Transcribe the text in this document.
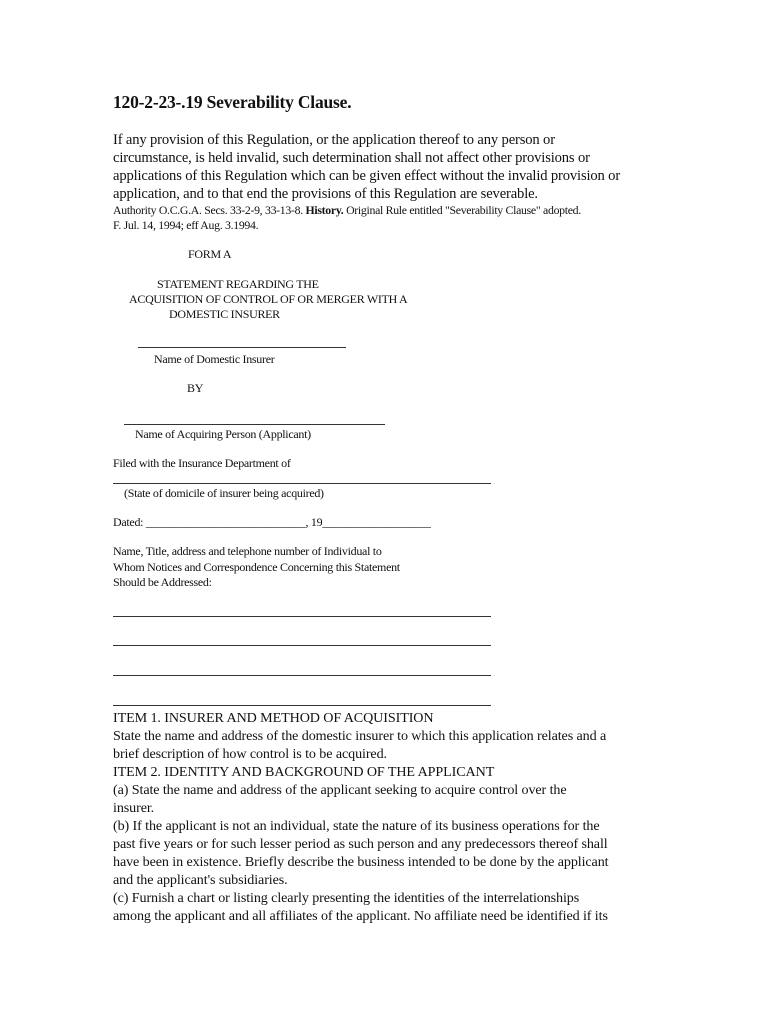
120-2-23-.19 Severability Clause.

If any provision of this Regulation, or the application thereof to any person or

circumstance, is held invalid, such determination shall not affect other provisions or

applications of this Regulation which can be given effect without the invalid provision or

application, and to that end the provisions of this Regulation are severable.

Authority O.C.G.A. Secs. 33-2-9, 33-13-8. History. Original Rule entitled "Severability Clause" adopted.

F. Jul. 14, 1994; eff Aug. 3.1994.

FORM A
STATEMENT REGARDING THE
ACQUISITION OF CONTROL OF OR MERGER WITH A
DOMESTIC INSURER
Name of Domestic Insurer
BY
Name of Acquiring Person (Applicant)
Filed with the Insurance Department of
(State of domicile of insurer being acquired)
Dated: ____________________________, 19___________________
Name, Title, address and telephone number of Individual to
Whom Notices and Correspondence Concerning this Statement
Should be Addressed:

ITEM 1. INSURER AND METHOD OF ACQUISITION

State the name and address of the domestic insurer to which this application relates and a

brief description of how control is to be acquired.

ITEM 2. IDENTITY AND BACKGROUND OF THE APPLICANT

(a) State the name and address of the applicant seeking to acquire control over the

insurer.

(b) If the applicant is not an individual, state the nature of its business operations for the

past five years or for such lesser period as such person and any predecessors thereof shall

have been in existence. Briefly describe the business intended to be done by the applicant

and the applicant's subsidiaries.

(c) Furnish a chart or listing clearly presenting the identities of the interrelationships

among the applicant and all affiliates of the applicant. No affiliate need be identified if its
